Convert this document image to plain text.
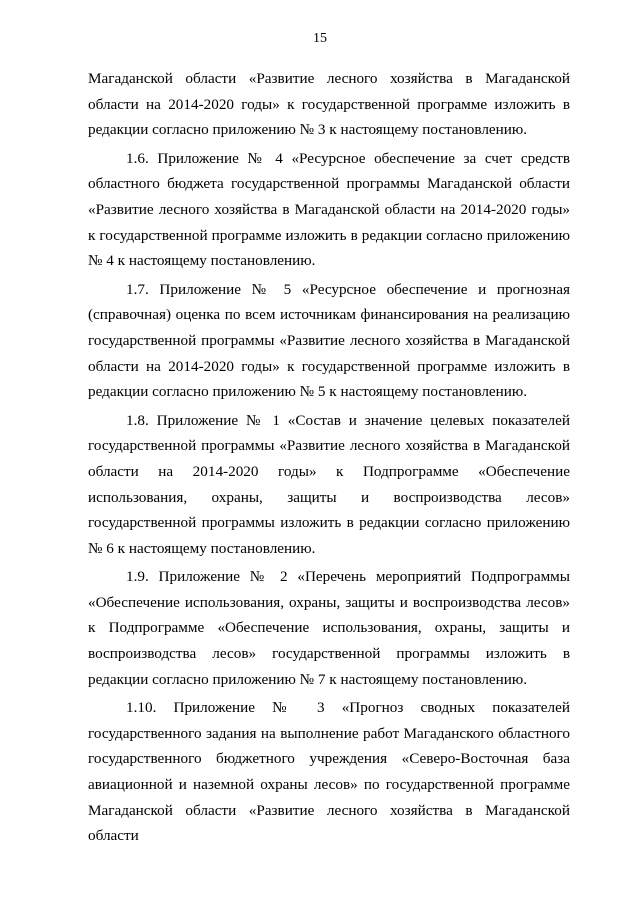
15

Магаданской области «Развитие лесного хозяйства в Магаданской области на 2014-2020 годы» к государственной программе изложить в редакции согласно приложению № 3 к настоящему постановлению.

1.6. Приложение № 4 «Ресурсное обеспечение за счет средств областного бюджета государственной программы Магаданской области «Развитие лесного хозяйства в Магаданской области на 2014-2020 годы» к государственной программе изложить в редакции согласно приложению № 4 к настоящему постановлению.

1.7. Приложение № 5 «Ресурсное обеспечение и прогнозная (справочная) оценка по всем источникам финансирования на реализацию государственной программы «Развитие лесного хозяйства в Магаданской области на 2014-2020 годы» к государственной программе изложить в редакции согласно приложению № 5 к настоящему постановлению.

1.8. Приложение № 1 «Состав и значение целевых показателей государственной программы «Развитие лесного хозяйства в Магаданской области на 2014-2020 годы» к Подпрограмме «Обеспечение использования, охраны, защиты и воспроизводства лесов» государственной программы изложить в редакции согласно приложению № 6 к настоящему постановлению.

1.9. Приложение № 2 «Перечень мероприятий Подпрограммы «Обеспечение использования, охраны, защиты и воспроизводства лесов» к Подпрограмме «Обеспечение использования, охраны, защиты и воспроизводства лесов» государственной программы изложить в редакции согласно приложению № 7 к настоящему постановлению.

1.10. Приложение № 3 «Прогноз сводных показателей государственного задания на выполнение работ Магаданского областного государственного бюджетного учреждения «Северо-Восточная база авиационной и наземной охраны лесов» по государственной программе Магаданской области «Развитие лесного хозяйства в Магаданской области
